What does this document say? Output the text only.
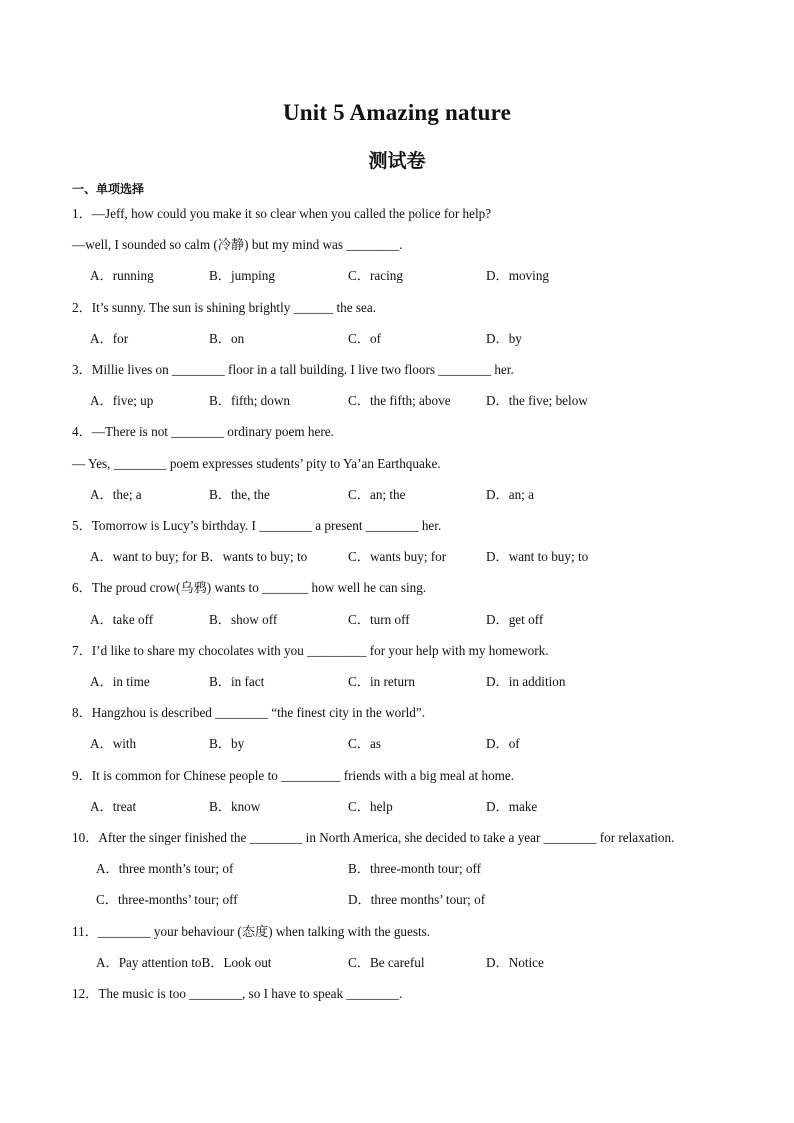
Unit 5 Amazing nature
测试卷
一、单项选择
1．—Jeff, how could you make it so clear when you called the police for help?
—well, I sounded so calm (冷静) but my mind was ________.
A．running	B．jumping	C．racing	D．moving
2．It’s sunny. The sun is shining brightly ______ the sea.
A．for	B．on	C．of	D．by
3．Millie lives on ________ floor in a tall building. I live two floors ________ her.
A．five; up	B．fifth; down	C．the fifth; above	D．the five; below
4．—There is not ________ ordinary poem here.
— Yes, ________ poem expresses students’ pity to Ya’an Earthquake.
A．the; a	B．the, the	C．an; the	D．an; a
5．Tomorrow is Lucy’s birthday. I ________ a present ________ her.
A．want to buy; for B．wants to buy; to	C．wants buy; for	D．want to buy; to
6．The proud crow(乌鸦) wants to _______ how well he can sing.
A．take off	B．show off	C．turn off	D．get off
7．I’d like to share my chocolates with you _________ for your help with my homework.
A．in time	B．in fact	C．in return	D．in addition
8．Hangzhou is described ________ “the finest city in the world”.
A．with	B．by	C．as	D．of
9．It is common for Chinese people to _________ friends with a big meal at home.
A．treat	B．know	C．help	D．make
10．After the singer finished the ________ in North America, she decided to take a year ________ for relaxation.
A．three month’s tour; of	B．three-month tour; off
C．three-months’ tour; off	D．three months’ tour; of
11．________ your behaviour (态度) when talking with the guests.
A．Pay attention toB．Look out	C．Be careful	D．Notice
12．The music is too ________, so I have to speak ________.
